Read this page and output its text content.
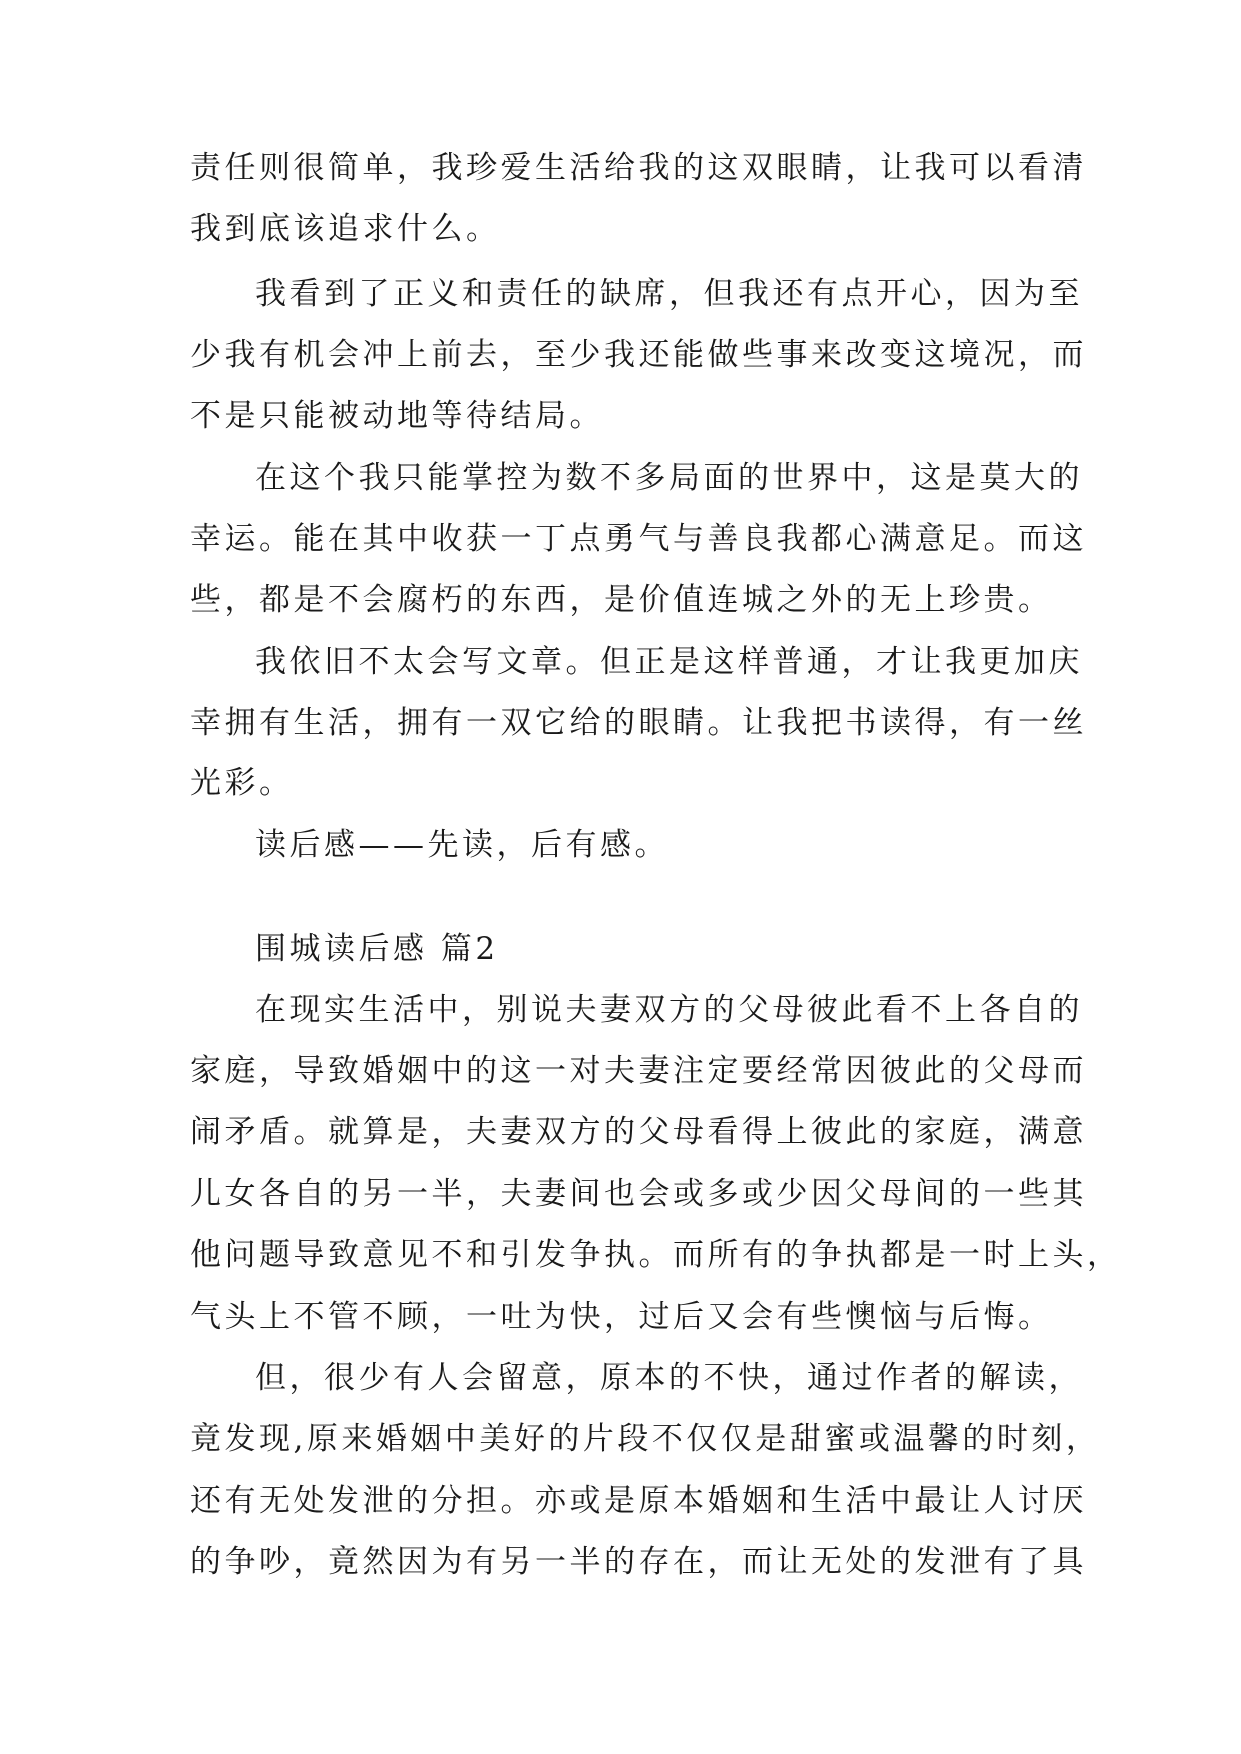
责任则很简单，我珍爱生活给我的这双眼睛，让我可以看清
我到底该追求什么。
我看到了正义和责任的缺席，但我还有点开心，因为至
少我有机会冲上前去，至少我还能做些事来改变这境况，而
不是只能被动地等待结局。
在这个我只能掌控为数不多局面的世界中，这是莫大的
幸运。能在其中收获一丁点勇气与善良我都心满意足。而这
些，都是不会腐朽的东西，是价值连城之外的无上珍贵。
我依旧不太会写文章。但正是这样普通，才让我更加庆
幸拥有生活，拥有一双它给的眼睛。让我把书读得，有一丝
光彩。
读后感——先读，后有感。
围城读后感 篇2
在现实生活中，别说夫妻双方的父母彼此看不上各自的
家庭，导致婚姻中的这一对夫妻注定要经常因彼此的父母而
闹矛盾。就算是，夫妻双方的父母看得上彼此的家庭，满意
儿女各自的另一半，夫妻间也会或多或少因父母间的一些其
他问题导致意见不和引发争执。而所有的争执都是一时上头，
气头上不管不顾，一吐为快，过后又会有些懊恼与后悔。
但，很少有人会留意，原本的不快，通过作者的解读，
竟发现,原来婚姻中美好的片段不仅仅是甜蜜或温馨的时刻，
还有无处发泄的分担。亦或是原本婚姻和生活中最让人讨厌
的争吵，竟然因为有另一半的存在，而让无处的发泄有了具
